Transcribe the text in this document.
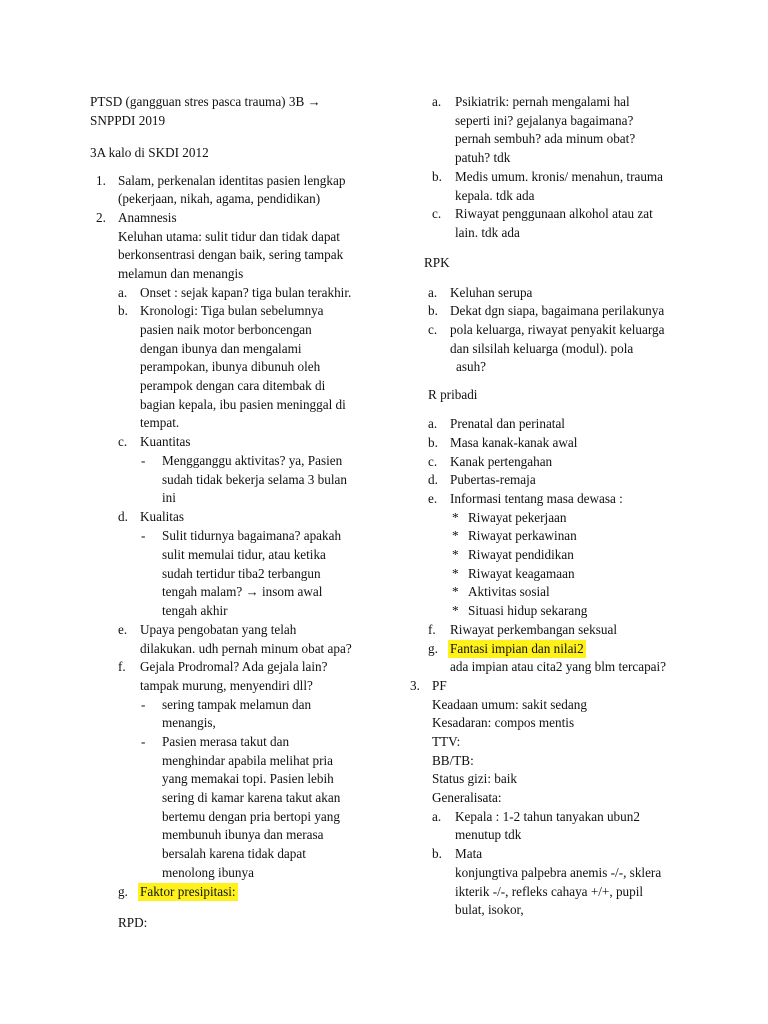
PTSD (gangguan stres pasca trauma) 3B →
SNPPDI 2019
3A kalo di SKDI 2012
1. Salam, perkenalan identitas pasien lengkap
(pekerjaan, nikah, agama, pendidikan)
2. Anamnesis
Keluhan utama: sulit tidur dan tidak dapat
berkonsentrasi dengan baik, sering tampak
melamun dan menangis
a. Onset : sejak kapan? tiga bulan terakhir.
b. Kronologi: Tiga bulan sebelumnya
pasien naik motor berboncengan
dengan ibunya dan mengalami
perampokan, ibunya dibunuh oleh
perampok dengan cara ditembak di
bagian kepala, ibu pasien meninggal di
tempat.
c. Kuantitas
- Mengganggu aktivitas? ya, Pasien
sudah tidak bekerja selama 3 bulan
ini
d. Kualitas
- Sulit tidurnya bagaimana? apakah
sulit memulai tidur, atau ketika
sudah tertidur tiba2 terbangun
tengah malam? → insom awal
tengah akhir
e. Upaya pengobatan yang telah
dilakukan. udh pernah minum obat apa?
f. Gejala Prodromal? Ada gejala lain?
tampak murung, menyendiri dll?
- sering tampak melamun dan
menangis,
- Pasien merasa takut dan
menghindar apabila melihat pria
yang memakai topi. Pasien lebih
sering di kamar karena takut akan
bertemu dengan pria bertopi yang
membunuh ibunya dan merasa
bersalah karena tidak dapat
menolong ibunya
g. Faktor presipitasi:
RPD:
a. Psikiatrik: pernah mengalami hal
seperti ini? gejalanya bagaimana?
pernah sembuh? ada minum obat?
patuh? tdk
b. Medis umum. kronis/ menahun, trauma
kepala. tdk ada
c. Riwayat penggunaan alkohol atau zat
lain. tdk ada
RPK
a. Keluhan serupa
b. Dekat dgn siapa, bagaimana perilakunya
c. pola keluarga, riwayat penyakit keluarga
dan silsilah keluarga (modul). pola
asuh?
R pribadi
a. Prenatal dan perinatal
b. Masa kanak-kanak awal
c. Kanak pertengahan
d. Pubertas-remaja
e. Informasi tentang masa dewasa :
* Riwayat pekerjaan
* Riwayat perkawinan
* Riwayat pendidikan
* Riwayat keagamaan
* Aktivitas sosial
* Situasi hidup sekarang
f. Riwayat perkembangan seksual
g. Fantasi impian dan nilai2
ada impian atau cita2 yang blm tercapai?
3. PF
Keadaan umum: sakit sedang
Kesadaran: compos mentis
TTV:
BB/TB:
Status gizi: baik
Generalisata:
a. Kepala : 1-2 tahun tanyakan ubun2
menutup tdk
b. Mata
konjungtiva palpebra anemis -/-, sklera
ikterik -/-, refleks cahaya +/+, pupil
bulat, isokor,
